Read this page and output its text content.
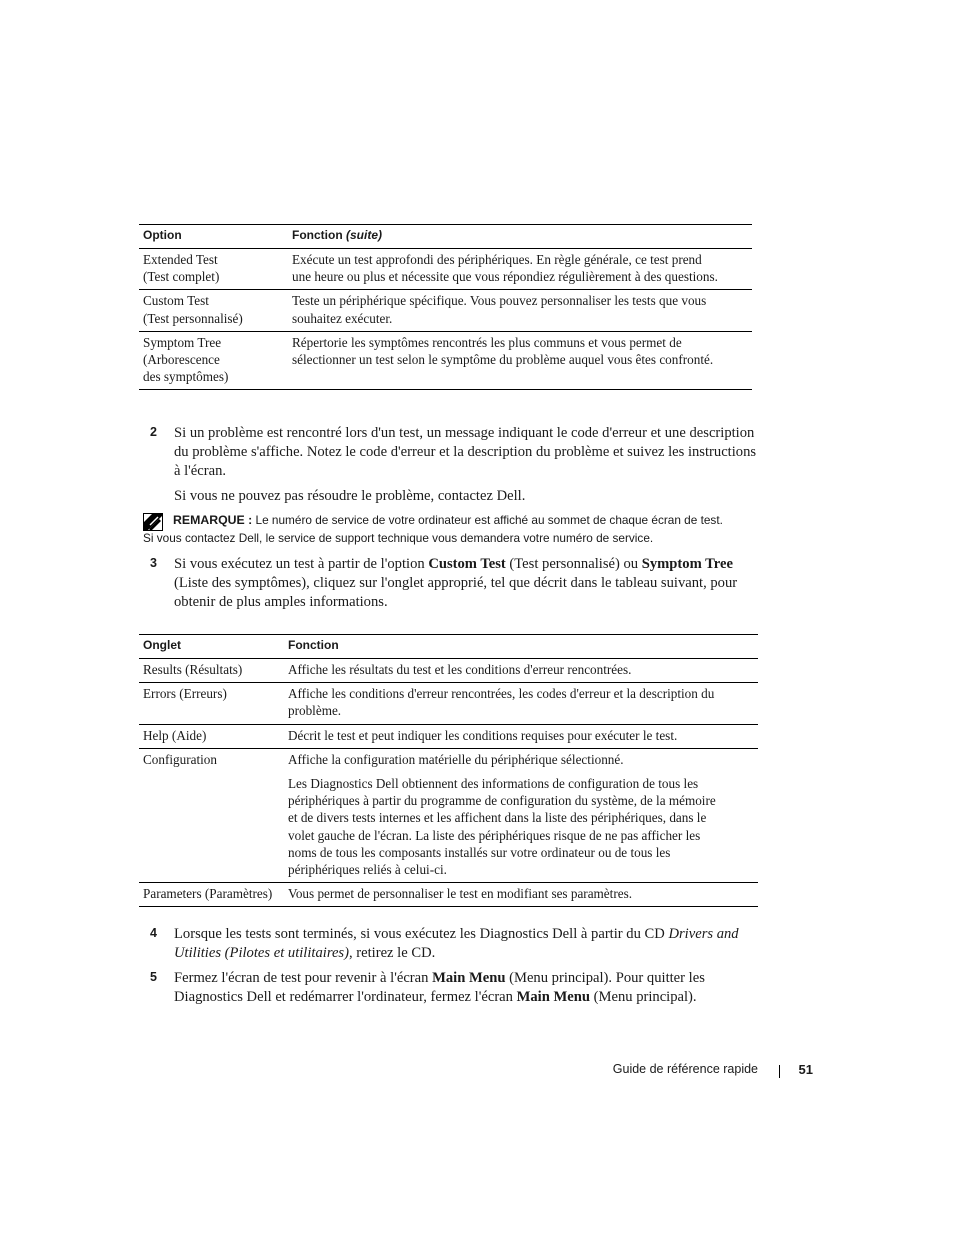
Option	Fonction (suite)

Extended Test
(Test complet)	Exécute un test approfondi des périphériques. En règle générale, ce test prend une heure ou plus et nécessite que vous répondiez régulièrement à des questions.

Custom Test
(Test personnalisé)	Teste un périphérique spécifique. Vous pouvez personnaliser les tests que vous souhaitez exécuter.

Symptom Tree
(Arborescence
des symptômes)	Répertorie les symptômes rencontrés les plus communs et vous permet de sélectionner un test selon le symptôme du problème auquel vous êtes confronté.

2	Si un problème est rencontré lors d'un test, un message indiquant le code d'erreur et une description du problème s'affiche. Notez le code d'erreur et la description du problème et suivez les instructions à l'écran.
Si vous ne pouvez pas résoudre le problème, contactez Dell.
REMARQUE : Le numéro de service de votre ordinateur est affiché au sommet de chaque écran de test.
Si vous contactez Dell, le service de support technique vous demandera votre numéro de service.
3	Si vous exécutez un test à partir de l'option Custom Test (Test personnalisé) ou Symptom Tree (Liste des symptômes), cliquez sur l'onglet approprié, tel que décrit dans le tableau suivant, pour obtenir de plus amples informations.
Onglet	Fonction
Results (Résultats)	Affiche les résultats du test et les conditions d'erreur rencontrées.

Errors (Erreurs)	Affiche les conditions d'erreur rencontrées, les codes d'erreur et la description du problème.

Help (Aide)	Décrit le test et peut indiquer les conditions requises pour exécuter le test.

Configuration	Affiche la configuration matérielle du périphérique sélectionné.

Les Diagnostics Dell obtiennent des informations de configuration de tous les périphériques à partir du programme de configuration du système, de la mémoire et de divers tests internes et les affichent dans la liste des périphériques, dans le volet gauche de l'écran. La liste des périphériques risque de ne pas afficher les noms de tous les composants installés sur votre ordinateur ou de tous les périphériques reliés à celui-ci.

Parameters (Paramètres)	Vous permet de personnaliser le test en modifiant ses paramètres.

4	Lorsque les tests sont terminés, si vous exécutez les Diagnostics Dell à partir du CD Drivers and Utilities (Pilotes et utilitaires), retirez le CD.
5	Fermez l'écran de test pour revenir à l'écran Main Menu (Menu principal). Pour quitter les Diagnostics Dell et redémarrer l'ordinateur, fermez l'écran Main Menu (Menu principal).
Guide de référence rapide	51
